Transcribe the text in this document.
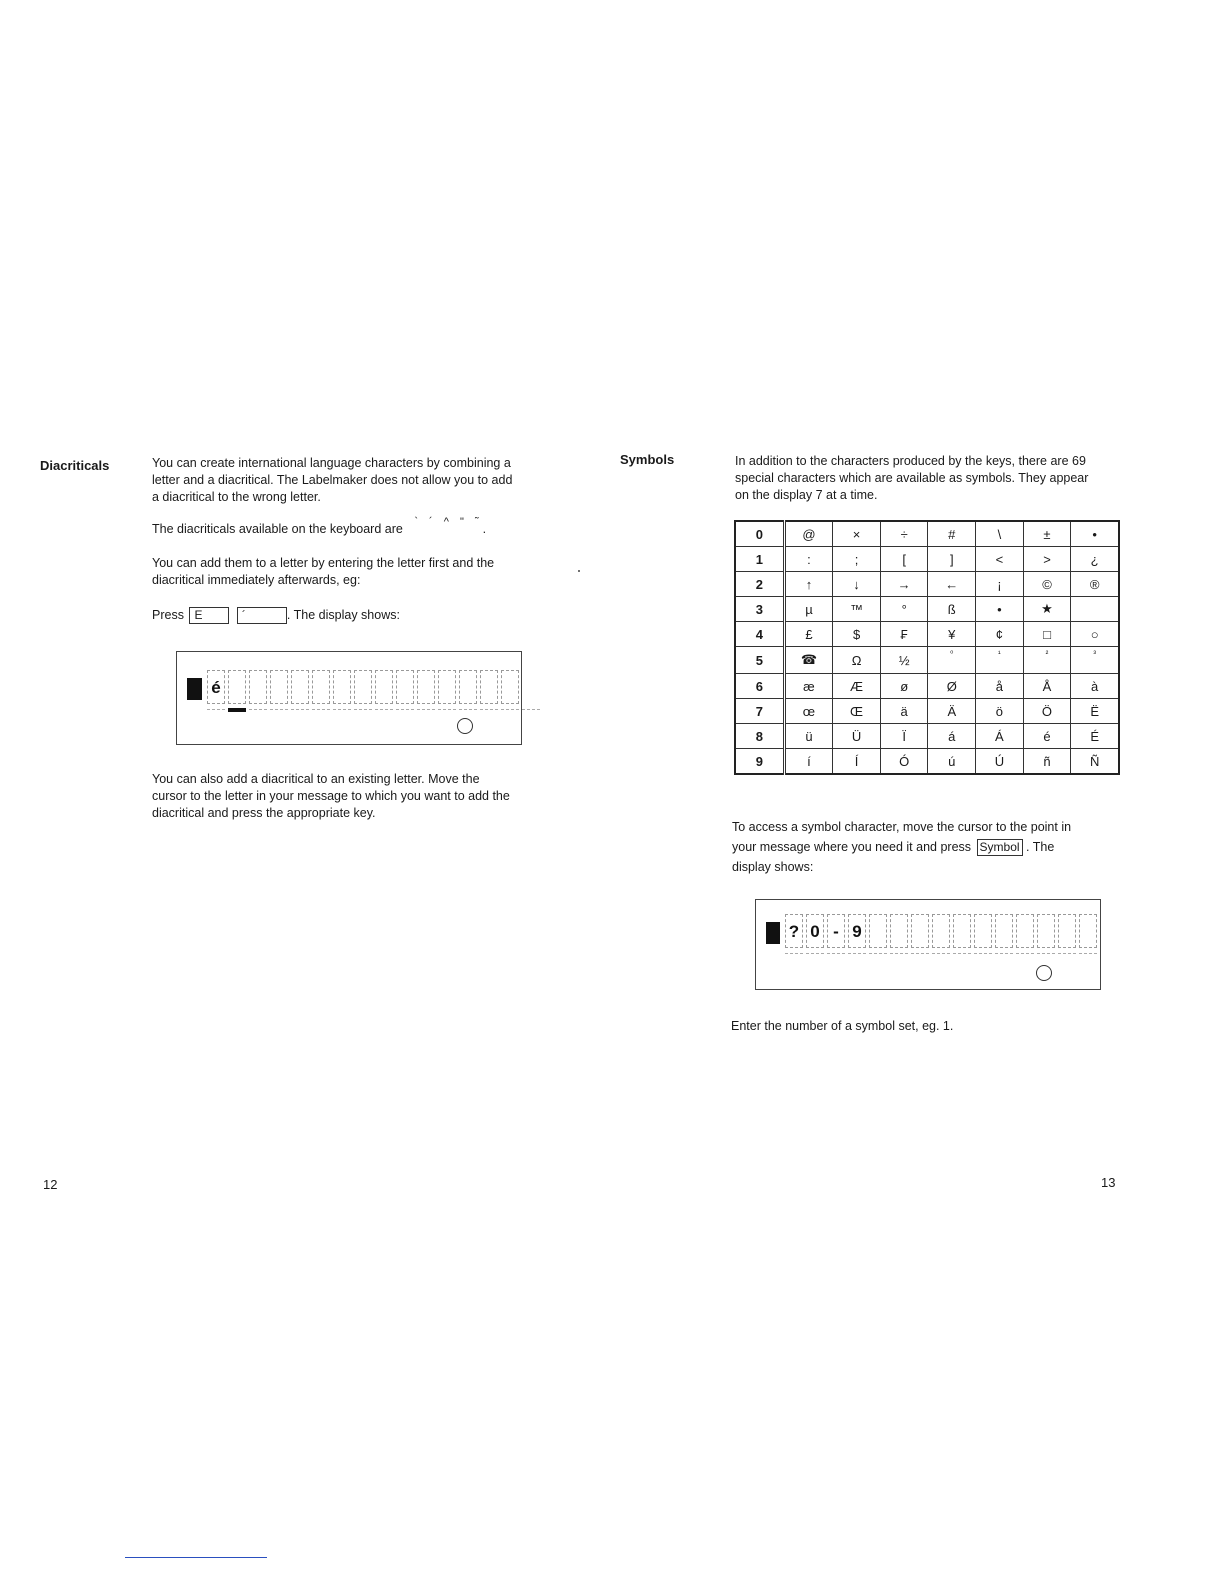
Diacriticals	You can create international language characters by combining a
letter and a diacritical. The Labelmaker does not allow you to add
a diacritical to the wrong letter.
The diacriticals available on the keyboard are ` ´ ^ " ˜.
You can add them to a letter by entering the letter first and the
diacritical immediately afterwards, eg:
Press E	´	. The display shows:
é
You can also add a diacritical to an existing letter. Move the
cursor to the letter in your message to which you want to add the
diacritical and press the appropriate key.
12
Symbols	In addition to the characters produced by the keys, there are 69
special characters which are available as symbols. They appear
on the display 7 at a time.
0	@	×	÷	#	\	±	•
1	:	;	[	]	<	>	¿
2	↑	↓	→	←	¡	©	®
3	µ	™	°	ß	•	★	
4	£	$	₣	¥	¢	□	○
5	☎	Ω	½	⁰	¹	²	³
6	æ	Æ	ø	Ø	å	Å	à
7	œ	Œ	ä	Ä	ö	Ö	Ë
8	ü	Ü	Ï	á	Á	é	É
9	í	Í	Ó	ú	Ú	ñ	Ñ
To access a symbol character, move the cursor to the point in
your message where you need it and press Symbol . The
display shows:
? 0 - 9
Enter the number of a symbol set, eg. 1.
13
